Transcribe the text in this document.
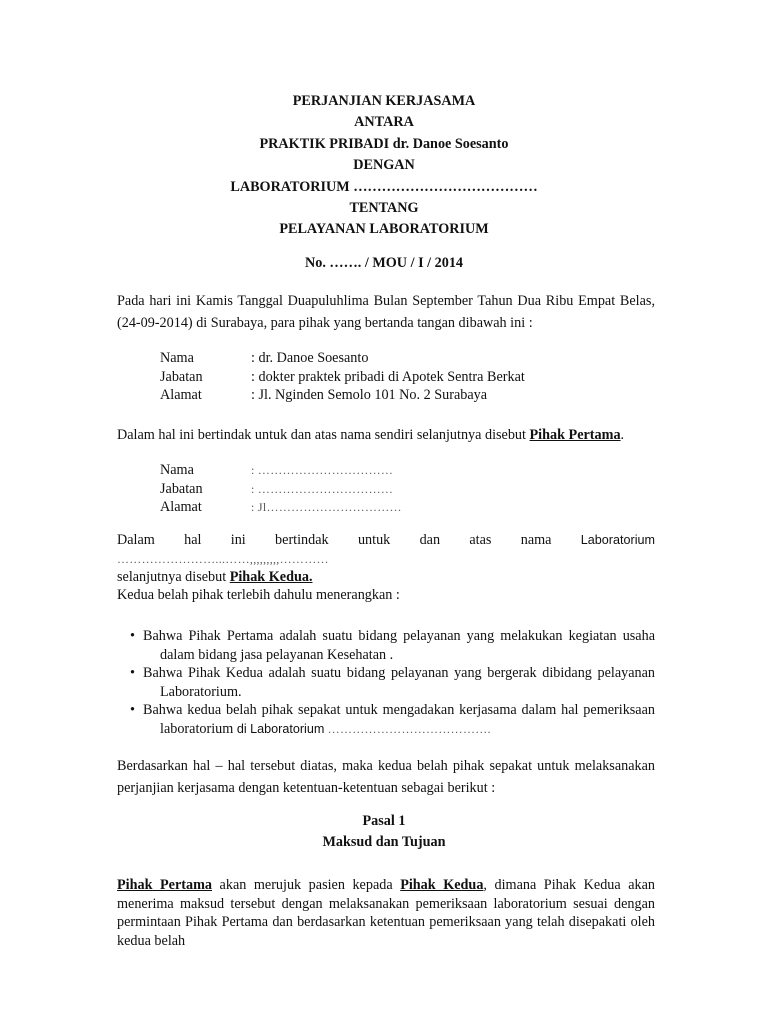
PERJANJIAN KERJASAMA
ANTARA
PRAKTIK PRIBADI dr. Danoe Soesanto
DENGAN
LABORATORIUM …………………………………
TENTANG
PELAYANAN LABORATORIUM
No. ……. / MOU / I / 2014
Pada hari ini Kamis Tanggal Duapuluhlima Bulan September Tahun Dua Ribu Empat Belas, (24-09-2014) di Surabaya, para pihak yang bertanda tangan dibawah ini :
Nama	: dr. Danoe Soesanto
Jabatan	: dokter praktek pribadi di Apotek Sentra Berkat
Alamat	: Jl. Nginden Semolo 101 No. 2 Surabaya
Dalam hal ini bertindak untuk dan atas nama sendiri selanjutnya disebut Pihak Pertama.
Nama	: ……………………………
Jabatan	: ……………………………
Alamat	: Jl……………………………
Dalam hal ini bertindak untuk dan atas nama Laboratorium ……………………...……,,,,,,,,,…………
selanjutnya disebut Pihak Kedua.
Kedua belah pihak terlebih dahulu menerangkan :

• Bahwa Pihak Pertama adalah suatu bidang pelayanan yang melakukan kegiatan usaha dalam bidang jasa pelayanan Kesehatan .

• Bahwa Pihak Kedua adalah suatu bidang pelayanan yang bergerak dibidang pelayanan Laboratorium.

• Bahwa kedua belah pihak sepakat untuk mengadakan kerjasama dalam hal pemeriksaan laboratorium di Laboratorium ………………………………….

Berdasarkan hal – hal tersebut diatas, maka kedua belah pihak sepakat untuk melaksanakan perjanjian kerjasama dengan ketentuan-ketentuan sebagai berikut :
Pasal 1
Maksud dan Tujuan
Pihak Pertama akan merujuk pasien kepada Pihak Kedua, dimana Pihak Kedua akan menerima maksud tersebut dengan melaksanakan pemeriksaan laboratorium sesuai dengan permintaan Pihak Pertama dan berdasarkan ketentuan pemeriksaan yang telah disepakati oleh kedua belah
